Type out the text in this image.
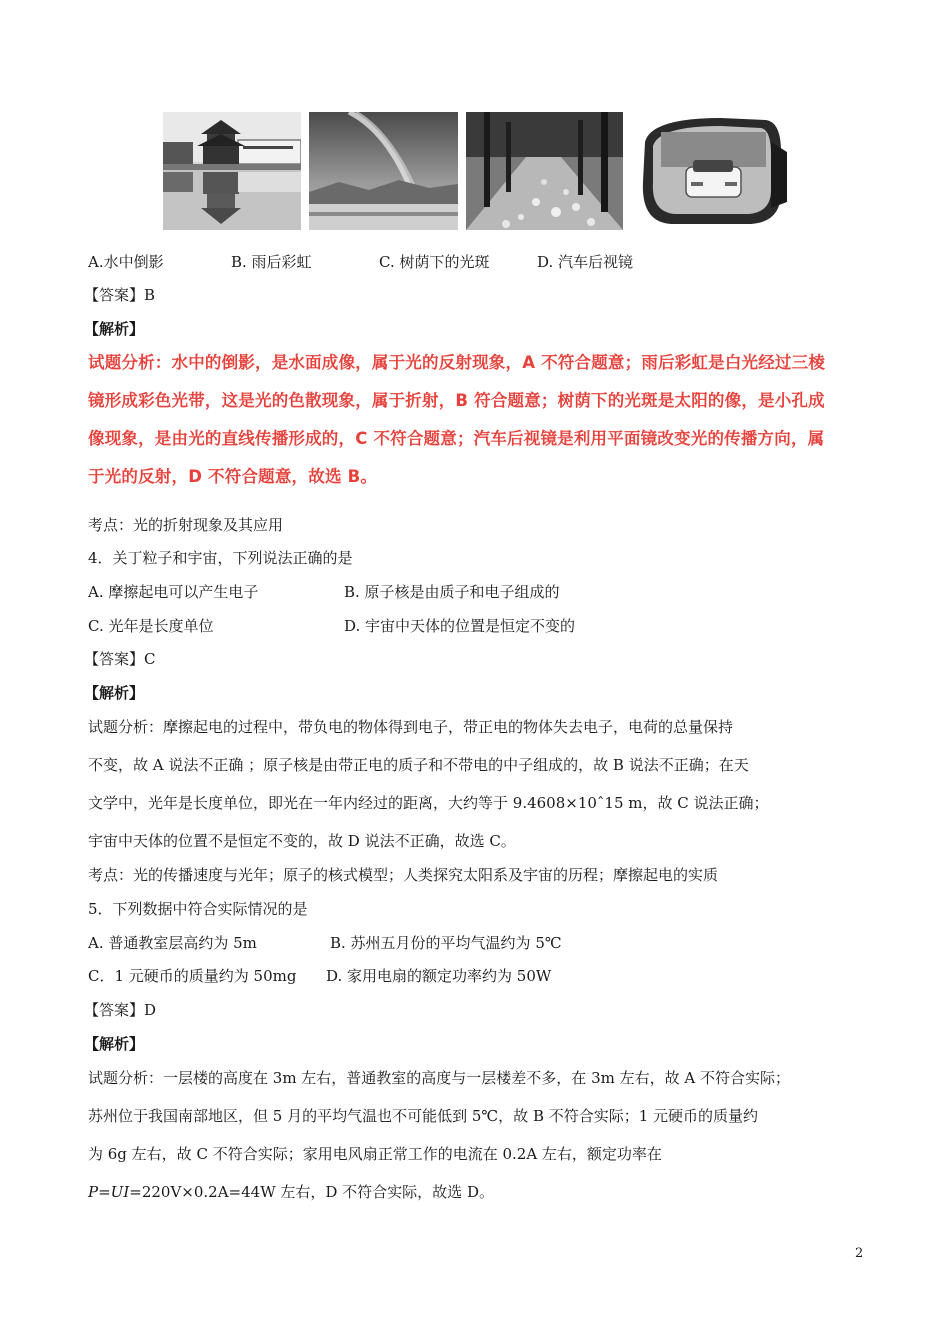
A.水中倒影	B. 雨后彩虹	C. 树荫下的光斑	D. 汽车后视镜
【答案】B
【解析】
试题分析：水中的倒影，是水面成像，属于光的反射现象，A 不符合题意；雨后彩虹是白光经过三棱
镜形成彩色光带，这是光的色散现象，属于折射，B 符合题意；树荫下的光斑是太阳的像，是小孔成
像现象，是由光的直线传播形成的，C 不符合题意；汽车后视镜是利用平面镜改变光的传播方向，属
于光的反射，D 不符合题意，故选 B。
考点：光的折射现象及其应用
4．关丁粒子和宇宙，下列说法正确的是
A. 摩擦起电可以产生电子	B. 原子核是由质子和电子组成的
C. 光年是长度单位	D. 宇宙中天体的位置是恒定不变的
【答案】C
【解析】
试题分析：摩擦起电的过程中，带负电的物体得到电子，带正电的物体失去电子，电荷的总量保持
不变，故 A 说法不正确 ；原子核是由带正电的质子和不带电的中子组成的，故 B 说法不正确；在天
文学中，光年是长度单位，即光在一年内经过的距离，大约等于 9.4608×10ˆ15 m，故 C 说法正确；
宇宙中天体的位置不是恒定不变的，故 D 说法不正确，故选 C。
考点：光的传播速度与光年；原子的核式模型；人类探究太阳系及宇宙的历程；摩擦起电的实质
5．下列数据中符合实际情况的是
A. 普通教室层高约为 5m	B. 苏州五月份的平均气温约为 5℃
C．1 元硬币的质量约为 50mg D. 家用电扇的额定功率约为 50W
【答案】D
【解析】
试题分析：一层楼的高度在 3m 左右，普通教室的高度与一层楼差不多，在 3m 左右，故 A 不符合实际；
苏州位于我国南部地区，但 5 月的平均气温也不可能低到 5℃，故 B 不符合实际；1 元硬币的质量约
为 6g 左右，故 C 不符合实际；家用电风扇正常工作的电流在 0.2A 左右，额定功率在
P=UI=220V×0.2A=44W 左右，D 不符合实际，故选 D。
2
